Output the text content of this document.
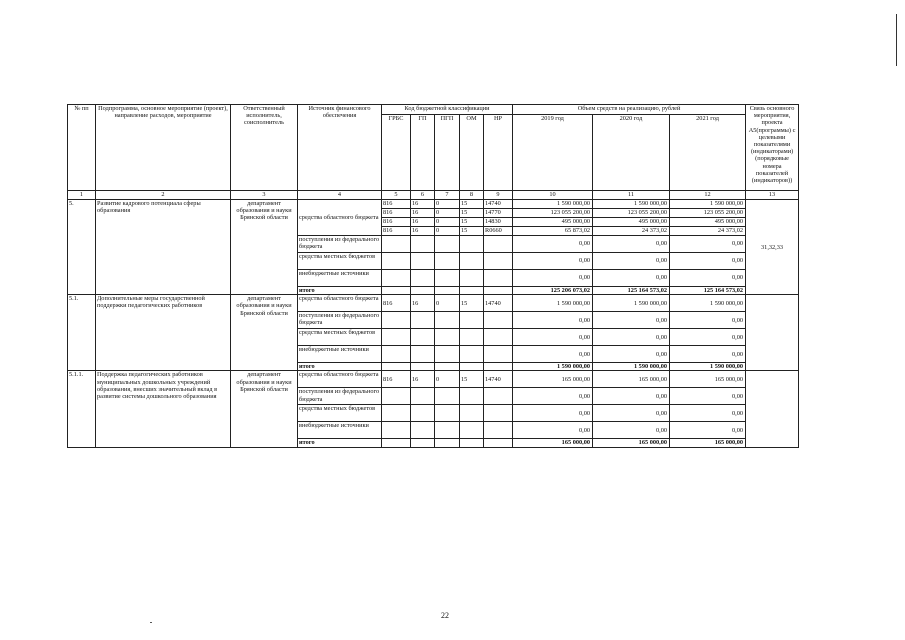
№ пп	Подпрограмма, основное мероприятие (проект), направление расходов, мероприятие	Ответственный исполнитель, соисполнитель	Источник финансового обеспечения	Код бюджетной классификации					Объем средств на реализацию, рублей			Связь основного мероприятия, проекта А5(программы) с целевыми показателями (индикаторами) (порядковые номера показателей (индикаторов))
				ГРБС	ГП	ПГП	ОМ	НР	2019 год	2020 год	2021 год	
1	2	3	4	5	6	7	8	9	10	11	12	13
5.	Развитие кадрового потенциала сферы образования	департамент образования и науки Брянской области	средства областного бюджета	816	16	0	15	14740	1 590 000,00	1 590 000,00	1 590 000,00	31,32,33
				816	16	0	15	14770	123 055 200,00	123 055 200,00	123 055 200,00	
				816	16	0	15	14830	495 000,00	495 000,00	495 000,00	
				816	16	0	15	R0660	65 873,02	24 373,02	24 373,02	
			поступления из федерального бюджета						0,00	0,00	0,00	
			средства местных бюджетов						0,00	0,00	0,00	
			внебюджетные источники						0,00	0,00	0,00	
			итого						125 206 073,02	125 164 573,02	125 164 573,02	
5.1.	Дополнительные меры государственной поддержки педагогических работников	департамент образования и науки Брянской области	средства областного бюджета	816	16	0	15	14740	1 590 000,00	1 590 000,00	1 590 000,00	
			поступления из федерального бюджета						0,00	0,00	0,00	
			средства местных бюджетов						0,00	0,00	0,00	
			внебюджетные источники						0,00	0,00	0,00	
			итого						1 590 000,00	1 590 000,00	1 590 000,00	
5.1.1.	Поддержка педагогических работников муниципальных дошкольных учреждений образования, внесших значительный вклад в развитие системы дошкольного образования	департамент образования и науки Брянской области	средства областного бюджета	816	16	0	15	14740	165 000,00	165 000,00	165 000,00	
			поступления из федерального бюджета						0,00	0,00	0,00	
			средства местных бюджетов						0,00	0,00	0,00	
			внебюджетные источники						0,00	0,00	0,00	
			итого						165 000,00	165 000,00	165 000,00	
22
